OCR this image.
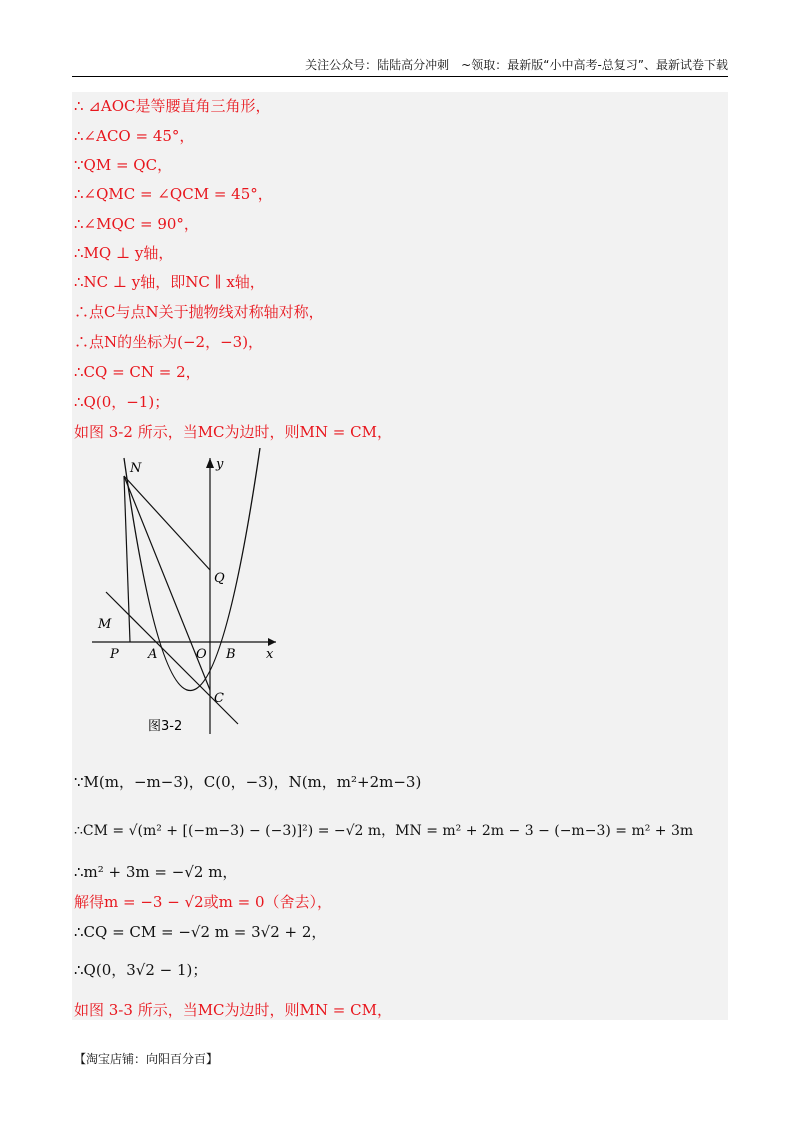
关注公众号：陆陆高分冲刺　~领取：最新版“小中高考-总复习”、最新试卷下载
∴ ⊿AOC是等腰直角三角形，
∴∠ACO = 45°，
∵QM = QC，
∴∠QMC = ∠QCM = 45°，
∴∠MQC = 90°，
∴MQ ⊥ y轴，
∴NC ⊥ y轴，即NC ∥ x轴，
∴点C与点N关于抛物线对称轴对称，
∴点N的坐标为(−2，−3)，
∴CQ = CN = 2，
∴Q(0，−1)；
如图 3-2 所示，当MC为边时，则MN = CM，
N	y
Q
M
P A	O B x
C
图3-2
∵M(m，−m−3)，C(0，−3)，N(m，m²+2m−3)
∴CM = √(m² + [(−m−3) − (−3)]²) = −√2 m，MN = m² + 2m − 3 − (−m−3) = m² + 3m
∴m² + 3m = −√2 m，
解得m = −3 − √2或m = 0（舍去），
∴CQ = CM = −√2 m = 3√2 + 2，
∴Q(0，3√2 − 1)；
如图 3-3 所示，当MC为边时，则MN = CM，
【淘宝店铺：向阳百分百】
